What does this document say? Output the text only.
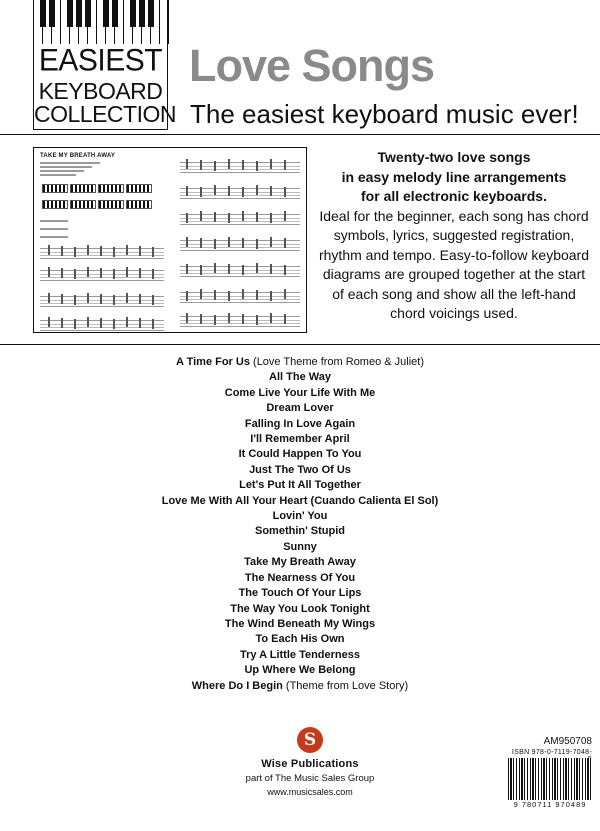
EASIEST
KEYBOARD
COLLECTION
Love Songs
The easiest keyboard music ever!
TAKE MY BREATH AWAY	Twenty-two love songs
in easy melody line arrangements
for all electronic keyboards.
Ideal for the beginner, each song has chord symbols, lyrics, suggested registration, rhythm and tempo. Easy-to-follow keyboard diagrams are grouped together at the start of each song and show all the left-hand chord voicings used.
A Time For Us (Love Theme from Romeo & Juliet)
All The Way
Come Live Your Life With Me
Dream Lover
Falling In Love Again
I'll Remember April
It Could Happen To You
Just The Two Of Us
Let's Put It All Together
Love Me With All Your Heart (Cuando Calienta El Sol)
Lovin' You
Somethin' Stupid
Sunny
Take My Breath Away
The Nearness Of You
The Touch Of Your Lips
The Way You Look Tonight
The Wind Beneath My Wings
To Each His Own
Try A Little Tenderness
Up Where We Belong
Where Do I Begin (Theme from Love Story)
S
Wise Publications
part of The Music Sales Group
www.musicsales.com
AM950708
ISBN 978-0-7119-7048-
9 780711 970489
